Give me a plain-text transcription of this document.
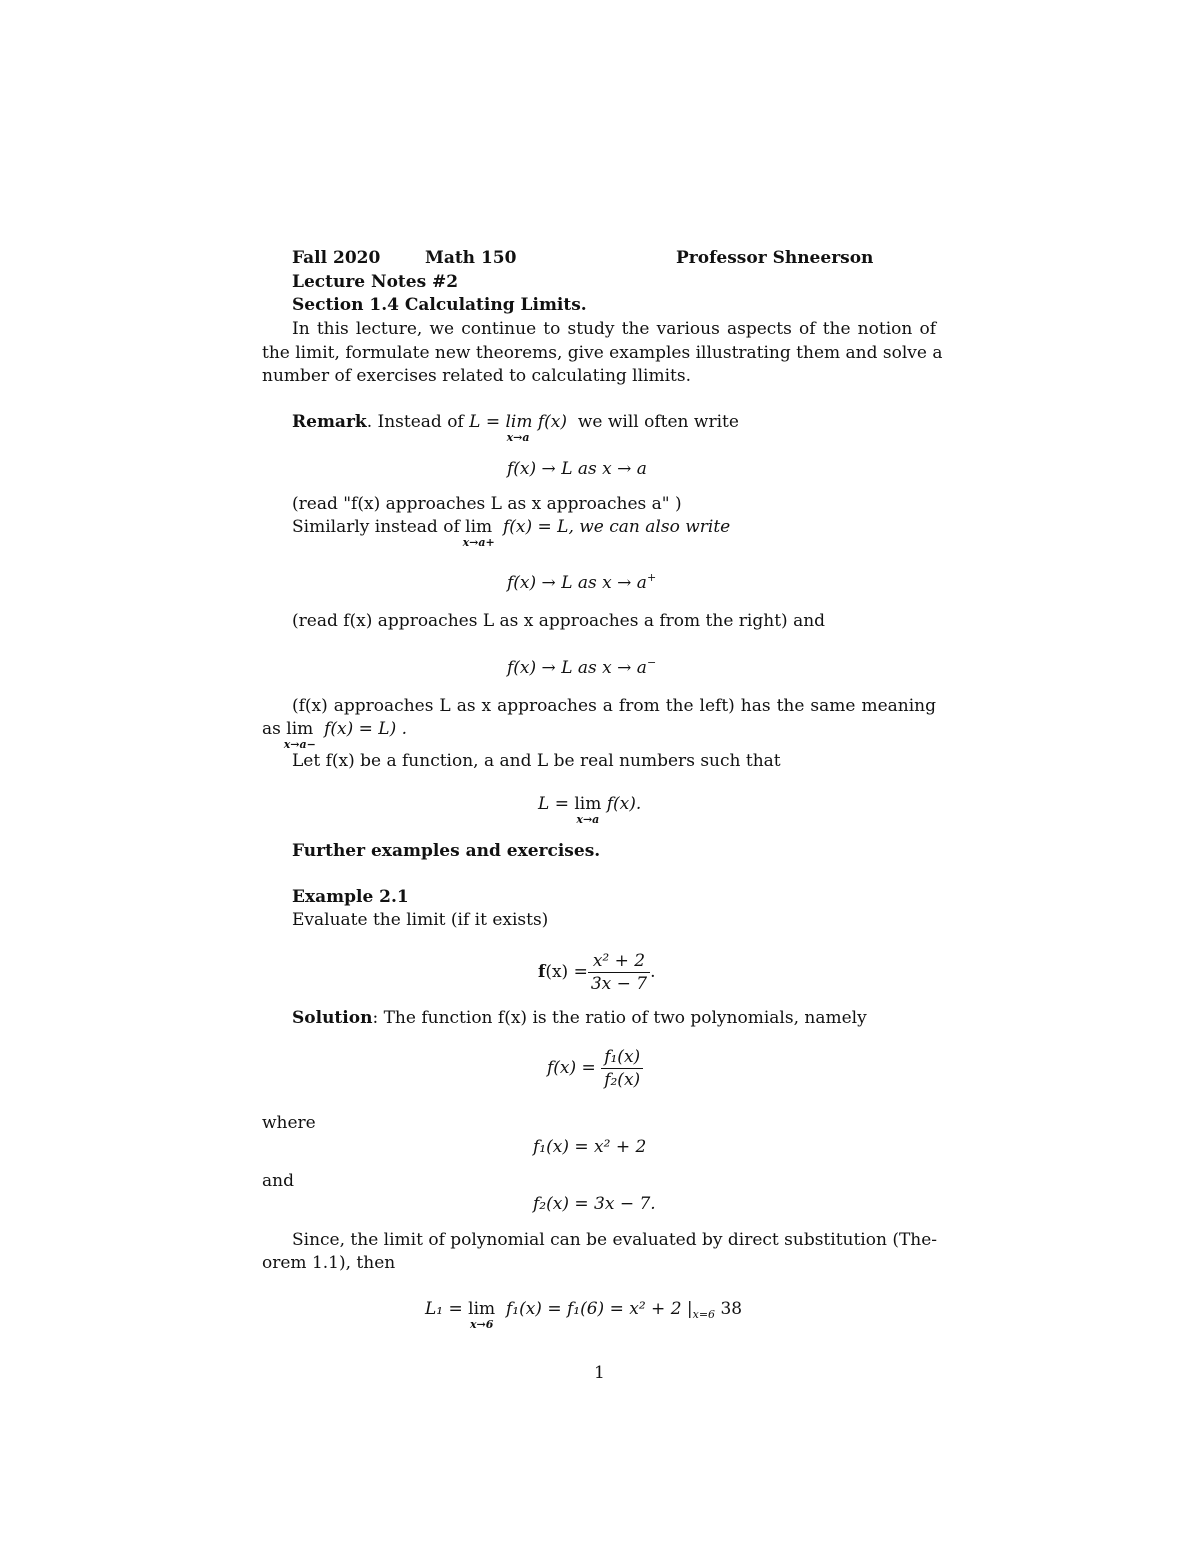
Fall 2020	Math 150	Professor Shneerson
Lecture Notes #2
Section 1.4 Calculating Limits.
In this lecture, we continue to study the various aspects of the notion of
the limit, formulate new theorems, give examples illustrating them and solve a
number of exercises related to calculating llimits.
Remark. Instead of L = lim f(x)
x→a
we will often write
f(x) → L as x → a
(read "f(x) approaches L as x approaches a" )
Similarly instead of lim
x→a+
f(x) = L, we can also write
f(x) → L as x → a+
(read f(x) approaches L as x approaches a from the right) and
f(x) → L as x → a−
(f(x) approaches L as x approaches a from the left) has the same meaning
as lim
x→a−
f(x) = L) .
Let f(x) be a function, a and L be real numbers such that
L = lim
x→a
f(x).
Further examples and exercises.
Example 2.1
Evaluate the limit (if it exists)
$f(x) = \frac{\text{x² + 2}}{3x - 7}$ .
Solution: The function f(x) is the ratio of two polynomials, namely
$f(x) = \frac{\text{f₁(x)}}{\text{f₂(x)}}$
where
f₁(x) = x² + 2
and
f₂(x) = 3x − 7.
Since, the limit of polynomial can be evaluated by direct substitution (The-
orem 1.1), then
L₁ = lim
x→6
f₁(x) = f₁(6) = x² + 2 $|_{x=6}$ 38
1
